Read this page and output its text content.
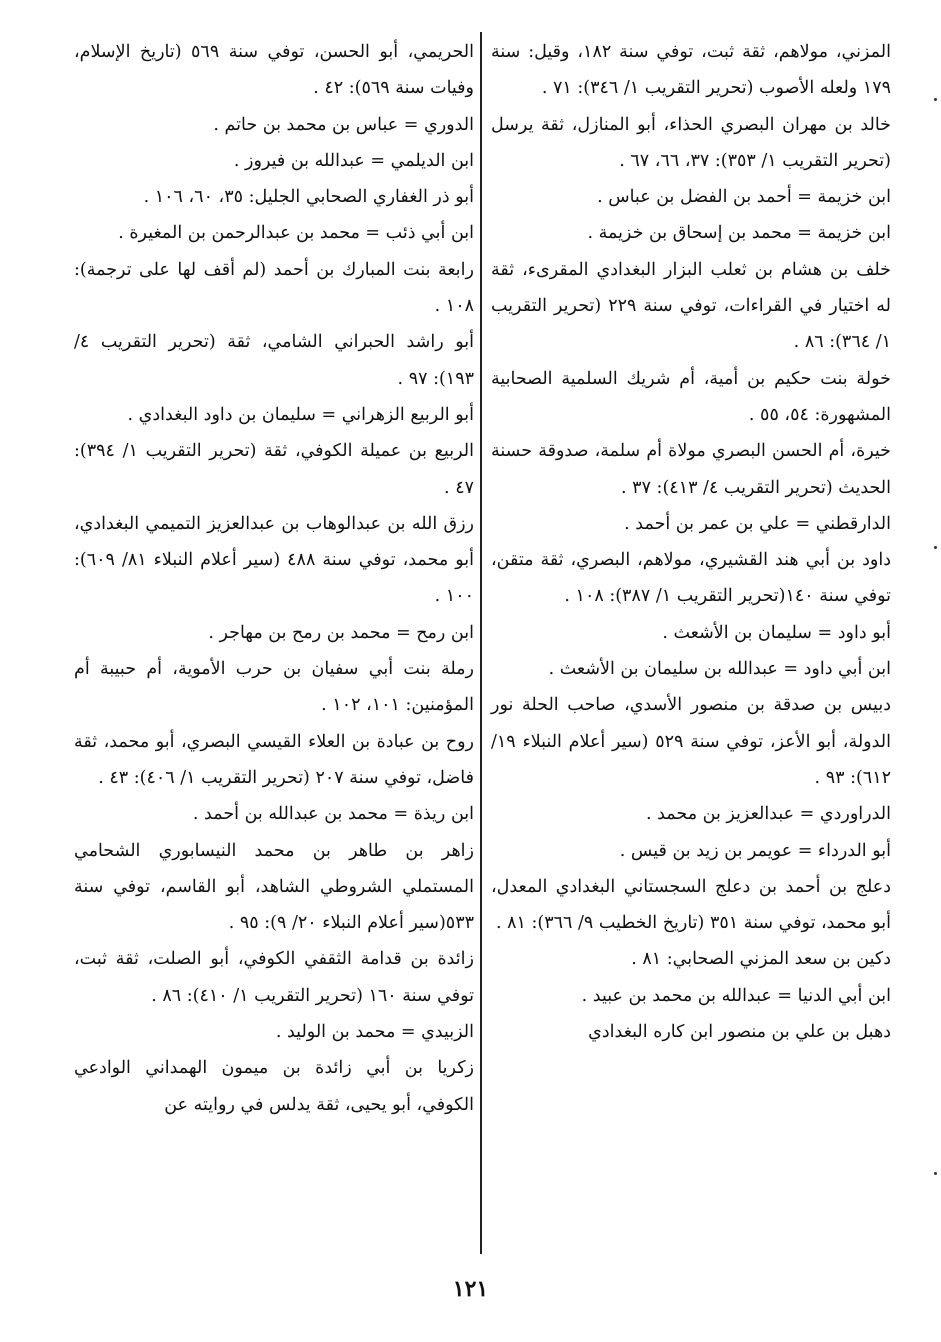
المزني، مولاهم، ثقة ثبت، توفي سنة ١٨٢، وقيل: سنة ١٧٩ ولعله الأصوب (تحرير التقريب ١/ ٣٤٦): ٧١ .

خالد بن مهران البصري الحذاء، أبو المنازل، ثقة يرسل (تحرير التقريب ١/ ٣٥٣): ٣٧، ٦٦، ٦٧ .

ابن خزيمة = أحمد بن الفضل بن عباس .

ابن خزيمة = محمد بن إسحاق بن خزيمة .

خلف بن هشام بن ثعلب البزار البغدادي المقرىء، ثقة له اختيار في القراءات، توفي سنة ٢٢٩ (تحرير التقريب ١/ ٣٦٤): ٨٦ .

خولة بنت حكيم بن أمية، أم شريك السلمية الصحابية المشهورة: ٥٤، ٥٥ .

خيرة، أم الحسن البصري مولاة أم سلمة، صدوقة حسنة الحديث (تحرير التقريب ٤/ ٤١٣): ٣٧ .

الدارقطني = علي بن عمر بن أحمد .

داود بن أبي هند القشيري، مولاهم، البصري، ثقة متقن، توفي سنة ١٤٠(تحرير التقريب ١/ ٣٨٧): ١٠٨ .

أبو داود = سليمان بن الأشعث .

ابن أبي داود = عبدالله بن سليمان بن الأشعث .

دبيس بن صدقة بن منصور الأسدي، صاحب الحلة نور الدولة، أبو الأعز، توفي سنة ٥٢٩ (سير أعلام النبلاء ١٩/ ٦١٢): ٩٣ .

الدراوردي = عبدالعزيز بن محمد .

أبو الدرداء = عويمر بن زيد بن قيس .

دعلج بن أحمد بن دعلج السجستاني البغدادي المعدل، أبو محمد، توفي سنة ٣٥١ (تاريخ الخطيب ٩/ ٣٦٦): ٨١ .

دكين بن سعد المزني الصحابي: ٨١ .

ابن أبي الدنيا = عبدالله بن محمد بن عبيد .

دهبل بن علي بن منصور ابن كاره البغدادي

الحريمي، أبو الحسن، توفي سنة ٥٦٩ (تاريخ الإسلام، وفيات سنة ٥٦٩): ٤٢ .

الدوري = عباس بن محمد بن حاتم .

ابن الديلمي = عبدالله بن فيروز .

أبو ذر الغفاري الصحابي الجليل: ٣٥، ٦٠، ١٠٦ .

ابن أبي ذئب = محمد بن عبدالرحمن بن المغيرة .

رابعة بنت المبارك بن أحمد (لم أقف لها على ترجمة): ١٠٨ .

أبو راشد الحبراني الشامي، ثقة (تحرير التقريب ٤/ ١٩٣): ٩٧ .

أبو الربيع الزهراني = سليمان بن داود البغدادي .

الربيع بن عميلة الكوفي، ثقة (تحرير التقريب ١/ ٣٩٤): ٤٧ .

رزق الله بن عبدالوهاب بن عبدالعزيز التميمي البغدادي، أبو محمد، توفي سنة ٤٨٨ (سير أعلام النبلاء ٨١/ ٦٠٩): ١٠٠ .

ابن رمح = محمد بن رمح بن مهاجر .

رملة بنت أبي سفيان بن حرب الأموية، أم حبيبة أم المؤمنين: ١٠١، ١٠٢ .

روح بن عبادة بن العلاء القيسي البصري، أبو محمد، ثقة فاضل، توفي سنة ٢٠٧ (تحرير التقريب ١/ ٤٠٦): ٤٣ .

ابن ريذة = محمد بن عبدالله بن أحمد .

زاهر بن طاهر بن محمد النيسابوري الشحامي المستملي الشروطي الشاهد، أبو القاسم، توفي سنة ٥٣٣(سير أعلام النبلاء ٢٠/ ٩): ٩٥ .

زائدة بن قدامة الثقفي الكوفي، أبو الصلت، ثقة ثبت، توفي سنة ١٦٠ (تحرير التقريب ١/ ٤١٠): ٨٦ .

الزبيدي = محمد بن الوليد .

زكريا بن أبي زائدة بن ميمون الهمداني الوادعي الكوفي، أبو يحيى، ثقة يدلس في روايته عن

١٢١
